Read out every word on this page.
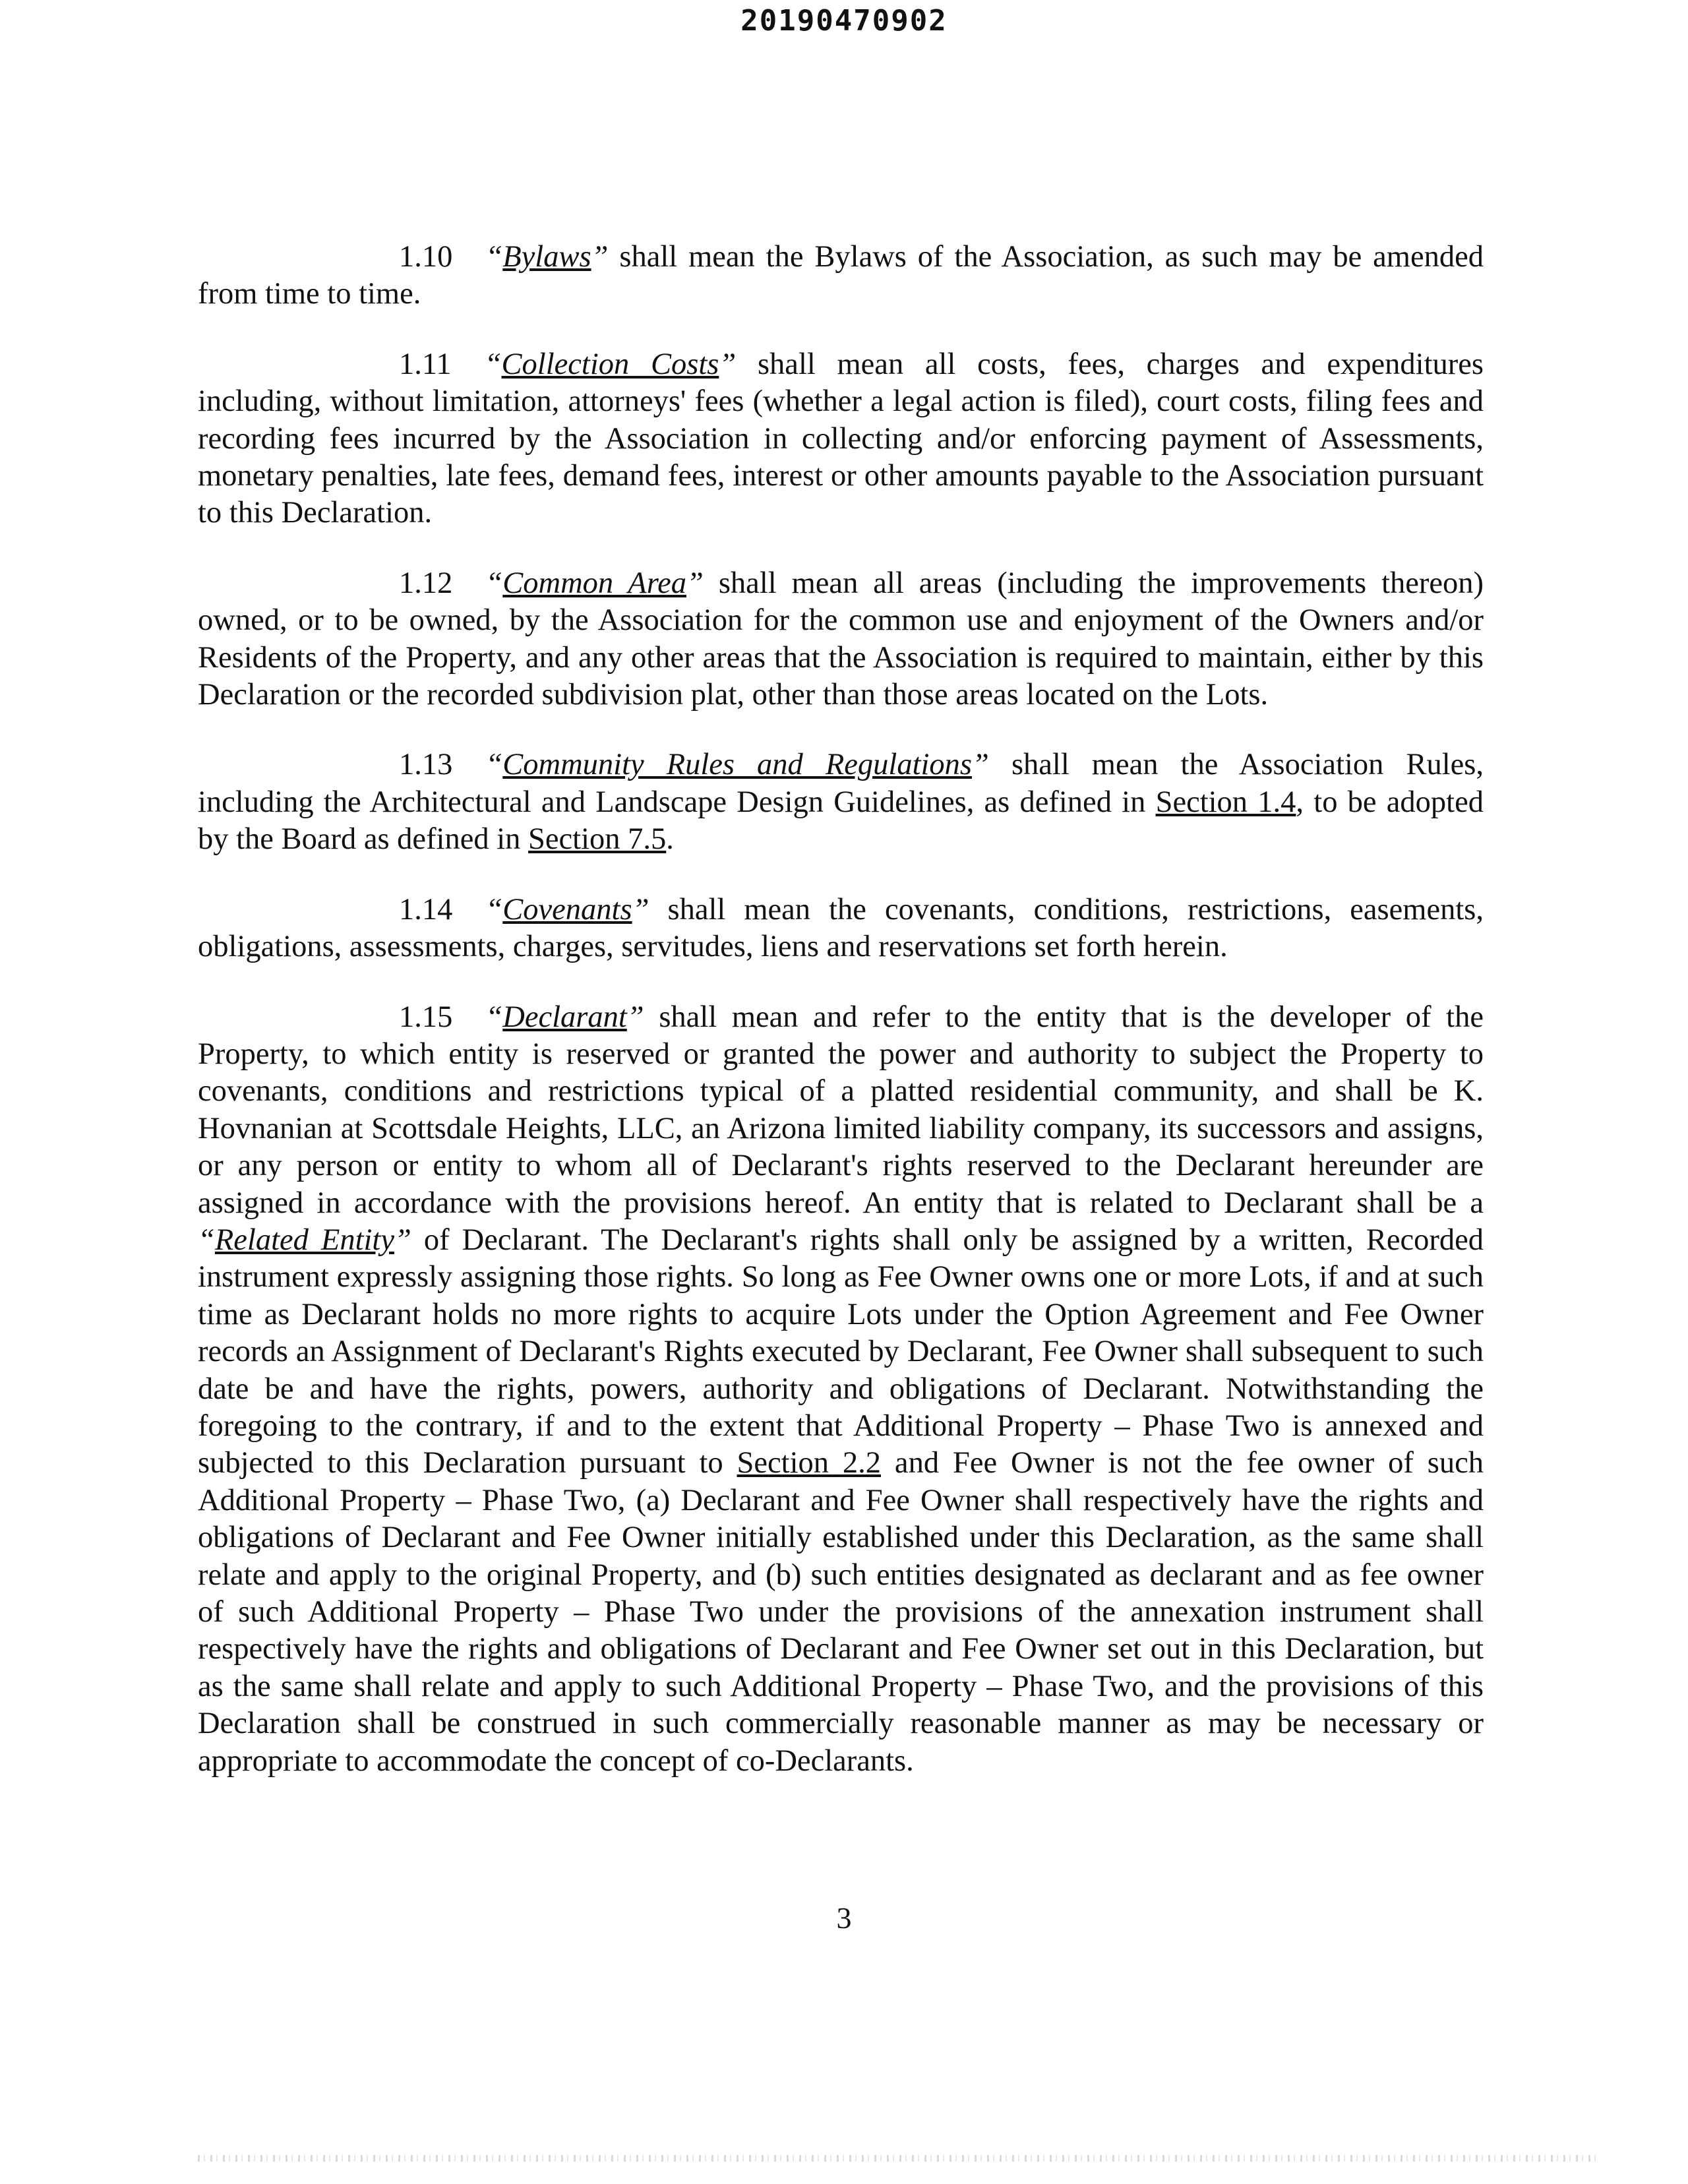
20190470902

1.10 “Bylaws” shall mean the Bylaws of the Association, as such may be amended from time to time.

1.11 “Collection Costs” shall mean all costs, fees, charges and expenditures including, without limitation, attorneys' fees (whether a legal action is filed), court costs, filing fees and recording fees incurred by the Association in collecting and/or enforcing payment of Assessments, monetary penalties, late fees, demand fees, interest or other amounts payable to the Association pursuant to this Declaration.

1.12 “Common Area” shall mean all areas (including the improvements thereon) owned, or to be owned, by the Association for the common use and enjoyment of the Owners and/or Residents of the Property, and any other areas that the Association is required to maintain, either by this Declaration or the recorded subdivision plat, other than those areas located on the Lots.

1.13 “Community Rules and Regulations” shall mean the Association Rules, including the Architectural and Landscape Design Guidelines, as defined in Section 1.4, to be adopted by the Board as defined in Section 7.5.

1.14 “Covenants” shall mean the covenants, conditions, restrictions, easements, obligations, assessments, charges, servitudes, liens and reservations set forth herein.

1.15 “Declarant” shall mean and refer to the entity that is the developer of the Property, to which entity is reserved or granted the power and authority to subject the Property to covenants, conditions and restrictions typical of a platted residential community, and shall be K. Hovnanian at Scottsdale Heights, LLC, an Arizona limited liability company, its successors and assigns, or any person or entity to whom all of Declarant's rights reserved to the Declarant hereunder are assigned in accordance with the provisions hereof. An entity that is related to Declarant shall be a “Related Entity” of Declarant. The Declarant's rights shall only be assigned by a written, Recorded instrument expressly assigning those rights. So long as Fee Owner owns one or more Lots, if and at such time as Declarant holds no more rights to acquire Lots under the Option Agreement and Fee Owner records an Assignment of Declarant's Rights executed by Declarant, Fee Owner shall subsequent to such date be and have the rights, powers, authority and obligations of Declarant. Notwithstanding the foregoing to the contrary, if and to the extent that Additional Property – Phase Two is annexed and subjected to this Declaration pursuant to Section 2.2 and Fee Owner is not the fee owner of such Additional Property – Phase Two, (a) Declarant and Fee Owner shall respectively have the rights and obligations of Declarant and Fee Owner initially established under this Declaration, as the same shall relate and apply to the original Property, and (b) such entities designated as declarant and as fee owner of such Additional Property – Phase Two under the provisions of the annexation instrument shall respectively have the rights and obligations of Declarant and Fee Owner set out in this Declaration, but as the same shall relate and apply to such Additional Property – Phase Two, and the provisions of this Declaration shall be construed in such commercially reasonable manner as may be necessary or appropriate to accommodate the concept of co-Declarants.

3
